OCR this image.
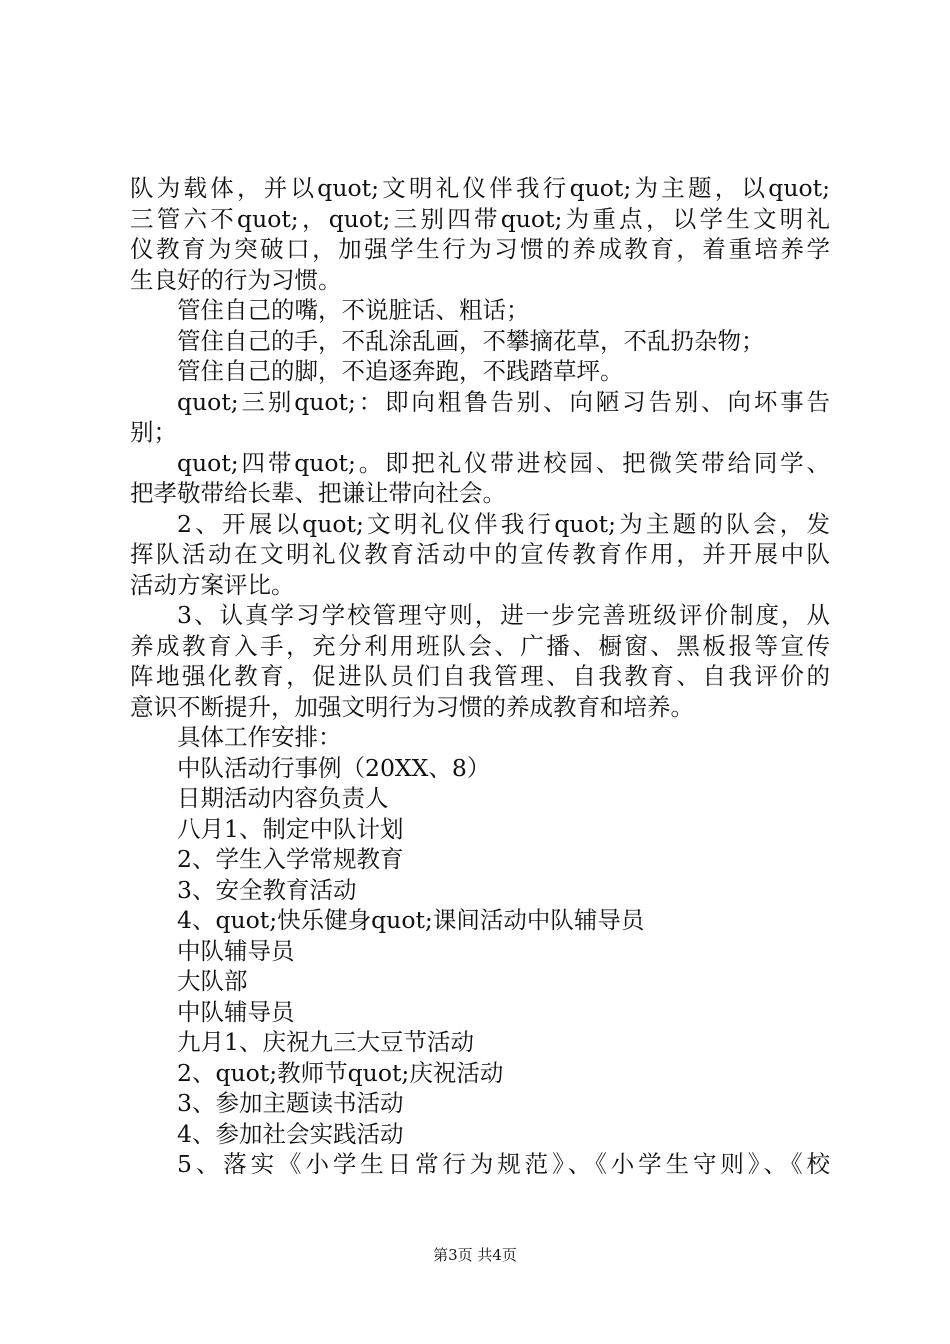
队为载体，并以quot;文明礼仪伴我行quot;为主题，以quot;
三管六不quot;，quot;三别四带quot;为重点，以学生文明礼
仪教育为突破口，加强学生行为习惯的养成教育，着重培养学
生良好的行为习惯。
管住自己的嘴，不说脏话、粗话；
管住自己的手，不乱涂乱画，不攀摘花草，不乱扔杂物；
管住自己的脚，不追逐奔跑，不践踏草坪。
quot;三别quot;：即向粗鲁告别、向陋习告别、向坏事告
别；
quot;四带quot;。即把礼仪带进校园、把微笑带给同学、
把孝敬带给长辈、把谦让带向社会。
2、开展以quot;文明礼仪伴我行quot;为主题的队会，发
挥队活动在文明礼仪教育活动中的宣传教育作用，并开展中队
活动方案评比。
3、认真学习学校管理守则，进一步完善班级评价制度，从
养成教育入手，充分利用班队会、广播、橱窗、黑板报等宣传
阵地强化教育，促进队员们自我管理、自我教育、自我评价的
意识不断提升，加强文明行为习惯的养成教育和培养。
具体工作安排：
中队活动行事例（20XX、8）
日期活动内容负责人
八月1、制定中队计划
2、学生入学常规教育
3、安全教育活动
4、quot;快乐健身quot;课间活动中队辅导员
中队辅导员
大队部
中队辅导员
九月1、庆祝九三大豆节活动
2、quot;教师节quot;庆祝活动
3、参加主题读书活动
4、参加社会实践活动
5、落实《小学生日常行为规范》、《小学生守则》、《校
第3页 共4页
